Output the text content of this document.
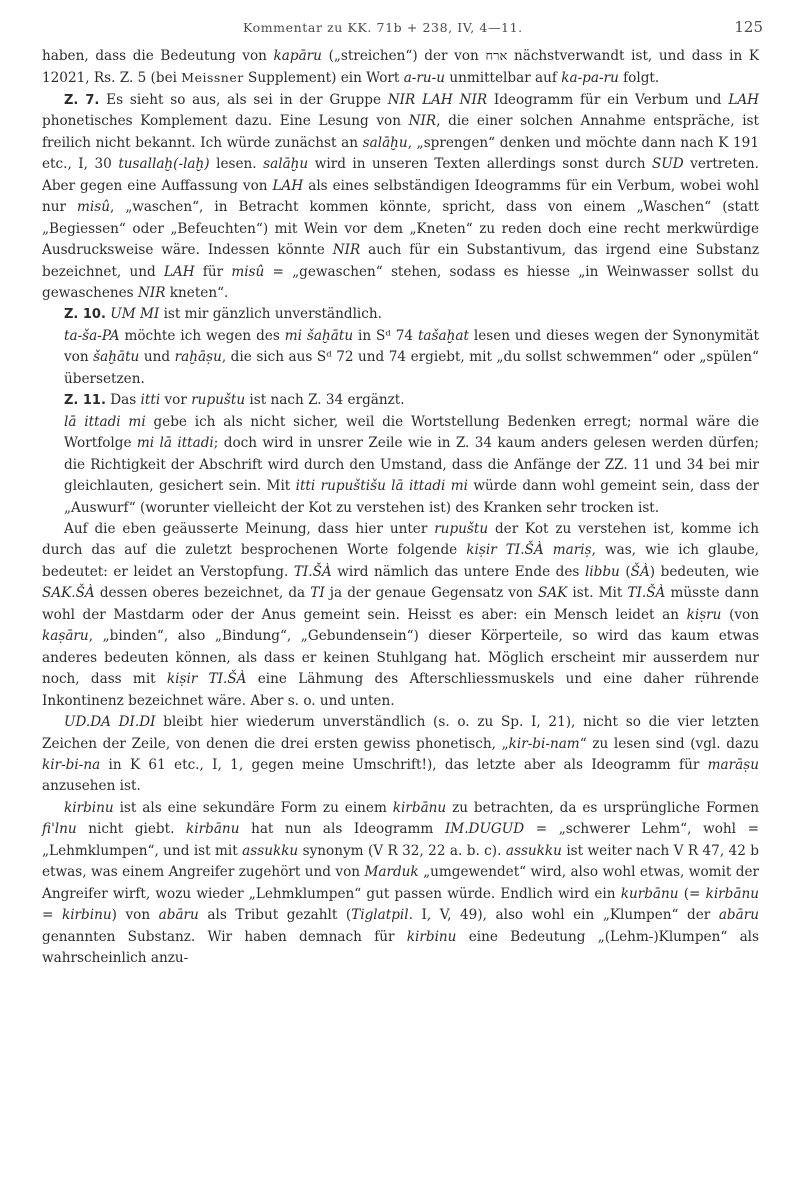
Kommentar zu KK. 71b + 238, IV, 4—11.	125

haben, dass die Bedeutung von kapāru („streichen“) der von ארח nächstverwandt ist, und dass in K 12021, Rs. Z. 5 (bei Meissner Supplement) ein Wort a-ru-u unmittelbar auf ka-pa-ru folgt.

Z. 7. Es sieht so aus, als sei in der Gruppe NIR LAH NIR Ideogramm für ein Verbum und LAH phonetisches Komplement dazu. Eine Lesung von NIR, die einer solchen Annahme entspräche, ist freilich nicht bekannt. Ich würde zunächst an salāḫu, „sprengen“ denken und möchte dann nach K 191 etc., I, 30 tusallaḫ(-laḫ) lesen. salāḫu wird in unseren Texten allerdings sonst durch SUD vertreten. Aber gegen eine Auffassung von LAH als eines selbständigen Ideogramms für ein Verbum, wobei wohl nur misû, „waschen“, in Betracht kommen könnte, spricht, dass von einem „Waschen“ (statt „Begiessen“ oder „Befeuchten“) mit Wein vor dem „Kneten“ zu reden doch eine recht merkwürdige Ausdrucksweise wäre. Indessen könnte NIR auch für ein Substantivum, das irgend eine Substanz bezeichnet, und LAH für misû = „gewaschen“ stehen, sodass es hiesse „in Weinwasser sollst du gewaschenes NIR kneten“.

Z. 10. UM MI ist mir gänzlich unverständlich.

ta-ša-PA möchte ich wegen des mi šaḫātu in Sᵈ 74 tašaḫat lesen und dieses wegen der Synonymität von šaḫātu und raḫāṣu, die sich aus Sᵈ 72 und 74 ergiebt, mit „du sollst schwemmen“ oder „spülen“ übersetzen.

Z. 11. Das itti vor rupuštu ist nach Z. 34 ergänzt.

lā ittadi mi gebe ich als nicht sicher, weil die Wortstellung Bedenken erregt; normal wäre die Wortfolge mi lā ittadi; doch wird in unsrer Zeile wie in Z. 34 kaum anders gelesen werden dürfen; die Richtigkeit der Abschrift wird durch den Umstand, dass die Anfänge der ZZ. 11 und 34 bei mir gleichlauten, gesichert sein. Mit itti rupuštišu lā ittadi mi würde dann wohl gemeint sein, dass der „Auswurf“ (worunter vielleicht der Kot zu verstehen ist) des Kranken sehr trocken ist.

Auf die eben geäusserte Meinung, dass hier unter rupuštu der Kot zu verstehen ist, komme ich durch das auf die zuletzt besprochenen Worte folgende kiṣir TI.ŠÀ mariṣ, was, wie ich glaube, bedeutet: er leidet an Verstopfung. TI.ŠÀ wird nämlich das untere Ende des libbu (ŠÀ) bedeuten, wie SAK.ŠÀ dessen oberes bezeichnet, da TI ja der genaue Gegensatz von SAK ist. Mit TI.ŠÀ müsste dann wohl der Mastdarm oder der Anus gemeint sein. Heisst es aber: ein Mensch leidet an kiṣru (von kaṣāru, „binden“, also „Bindung“, „Gebundensein“) dieser Körperteile, so wird das kaum etwas anderes bedeuten können, als dass er keinen Stuhlgang hat. Möglich erscheint mir ausserdem nur noch, dass mit kiṣir TI.ŠÀ eine Lähmung des Afterschliessmuskels und eine daher rührende Inkontinenz bezeichnet wäre. Aber s. o. und unten.

UD.DA DI.DI bleibt hier wiederum unverständlich (s. o. zu Sp. I, 21), nicht so die vier letzten Zeichen der Zeile, von denen die drei ersten gewiss phonetisch, „kir-bi-nam“ zu lesen sind (vgl. dazu kir-bi-na in K 61 etc., I, 1, gegen meine Umschrift!), das letzte aber als Ideogramm für marāṣu anzusehen ist.

kirbinu ist als eine sekundäre Form zu einem kirbānu zu betrachten, da es ursprüngliche Formen fi'lnu nicht giebt. kirbānu hat nun als Ideogramm IM.DUGUD = „schwerer Lehm“, wohl = „Lehmklumpen“, und ist mit assukku synonym (V R 32, 22 a. b. c). assukku ist weiter nach V R 47, 42 b etwas, was einem Angreifer zugehört und von Marduk „umgewendet“ wird, also wohl etwas, womit der Angreifer wirft, wozu wieder „Lehmklumpen“ gut passen würde. Endlich wird ein kurbānu (= kirbānu = kirbinu) von abāru als Tribut gezahlt (Tiglatpil. I, V, 49), also wohl ein „Klumpen“ der abāru genannten Substanz. Wir haben demnach für kirbinu eine Bedeutung „(Lehm-)Klumpen“ als wahrscheinlich anzu-
